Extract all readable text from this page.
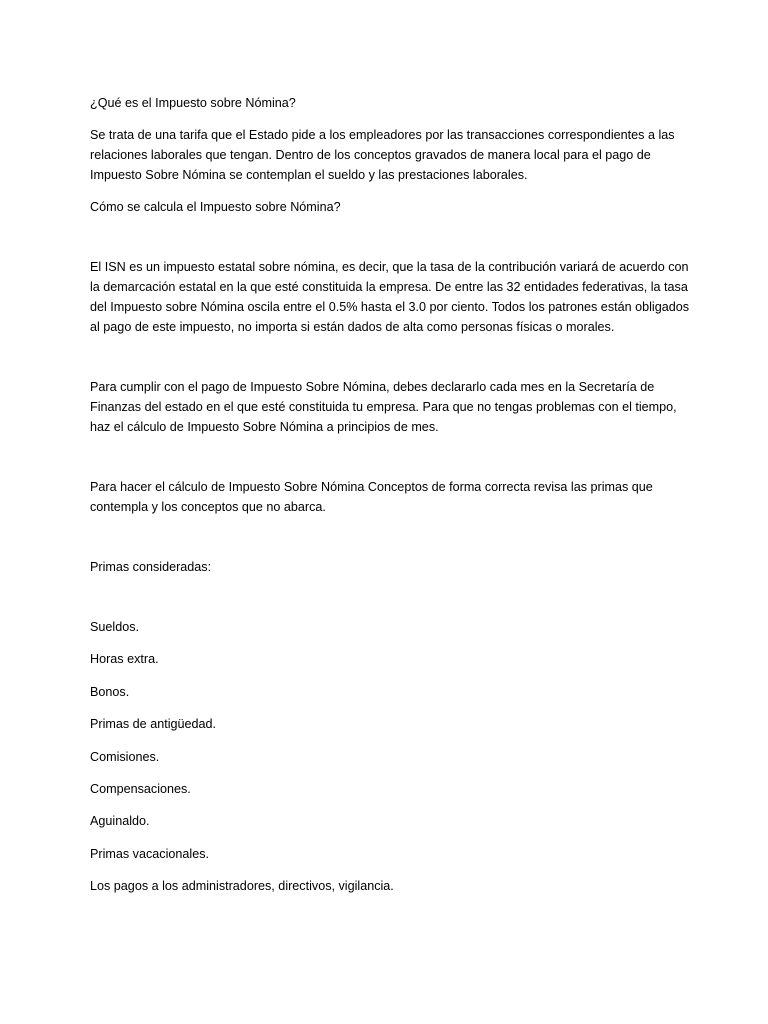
¿Qué es el Impuesto sobre Nómina?

Se trata de una tarifa que el Estado pide a los empleadores por las transacciones correspondientes a las relaciones laborales que tengan. Dentro de los conceptos gravados de manera local para el pago de Impuesto Sobre Nómina se contemplan el sueldo y las prestaciones laborales.

Cómo se calcula el Impuesto sobre Nómina?

El ISN es un impuesto estatal sobre nómina, es decir, que la tasa de la contribución variará de acuerdo con la demarcación estatal en la que esté constituida la empresa. De entre las 32 entidades federativas, la tasa del Impuesto sobre Nómina oscila entre el 0.5% hasta el 3.0 por ciento. Todos los patrones están obligados al pago de este impuesto, no importa si están dados de alta como personas físicas o morales.

Para cumplir con el pago de Impuesto Sobre Nómina, debes declararlo cada mes en la Secretaría de Finanzas del estado en el que esté constituida tu empresa. Para que no tengas problemas con el tiempo, haz el cálculo de Impuesto Sobre Nómina a principios de mes.

Para hacer el cálculo de Impuesto Sobre Nómina Conceptos de forma correcta revisa las primas que contempla y los conceptos que no abarca.

Primas consideradas:

Sueldos.
Horas extra.
Bonos.
Primas de antigüedad.
Comisiones.
Compensaciones.
Aguinaldo.
Primas vacacionales.
Los pagos a los administradores, directivos, vigilancia.
